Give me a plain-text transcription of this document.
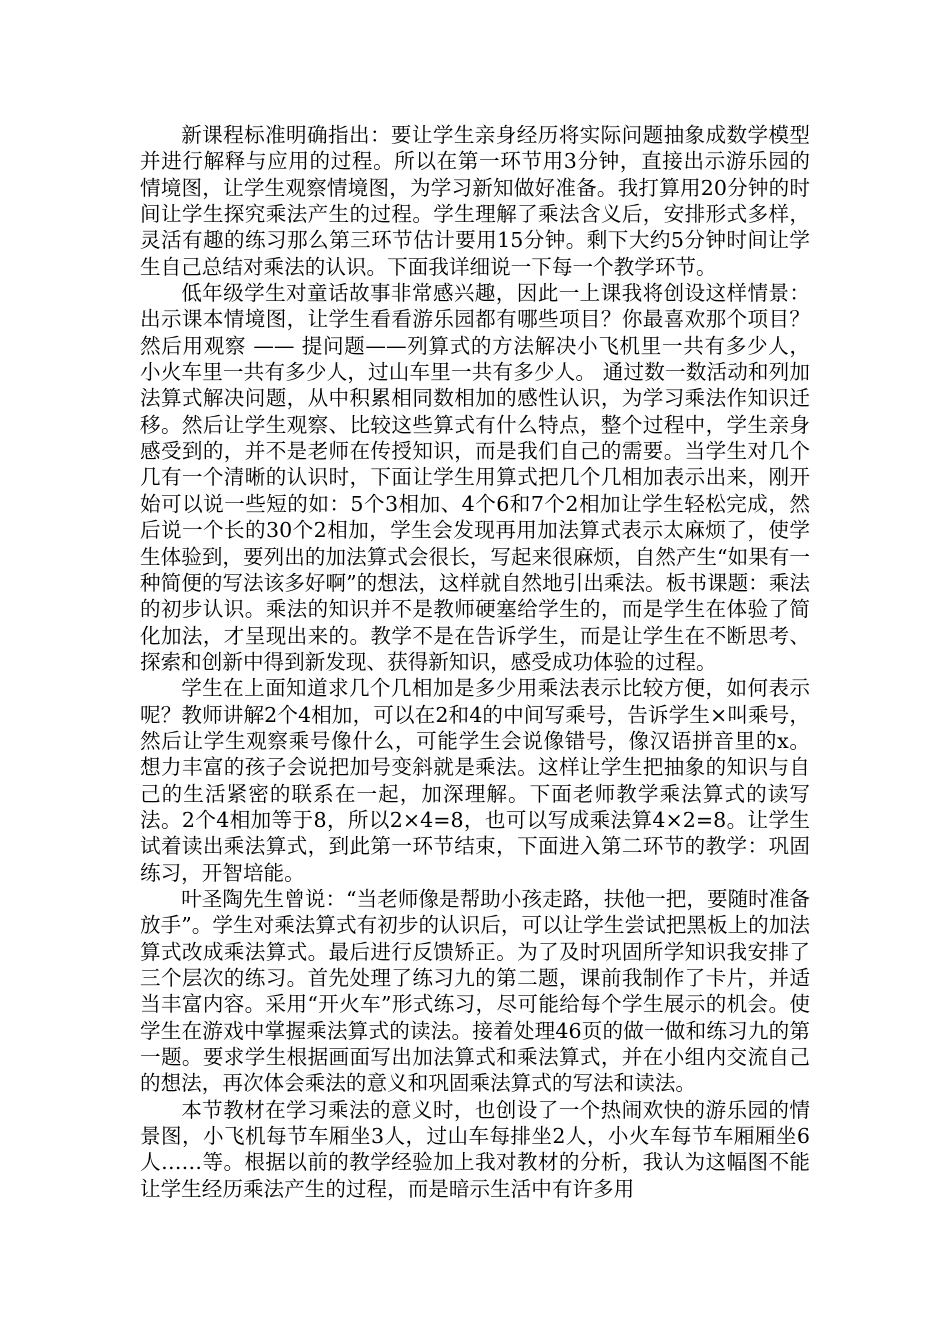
新课程标准明确指出：要让学生亲身经历将实际问题抽象成数学模型并进行解释与应用的过程。所以在第一环节用3分钟，直接出示游乐园的情境图，让学生观察情境图，为学习新知做好准备。我打算用20分钟的时间让学生探究乘法产生的过程。学生理解了乘法含义后，安排形式多样，灵活有趣的练习那么第三环节估计要用15分钟。剩下大约5分钟时间让学生自己总结对乘法的认识。下面我详细说一下每一个教学环节。

低年级学生对童话故事非常感兴趣，因此一上课我将创设这样情景：出示课本情境图，让学生看看游乐园都有哪些项目？你最喜欢那个项目？然后用观察 —— 提问题——列算式的方法解决小飞机里一共有多少人，小火车里一共有多少人，过山车里一共有多少人。 通过数一数活动和列加法算式解决问题，从中积累相同数相加的感性认识，为学习乘法作知识迁移。然后让学生观察、比较这些算式有什么特点，整个过程中，学生亲身感受到的，并不是老师在传授知识，而是我们自己的需要。当学生对几个几有一个清晰的认识时，下面让学生用算式把几个几相加表示出来，刚开始可以说一些短的如：5个3相加、4个6和7个2相加让学生轻松完成，然后说一个长的30个2相加，学生会发现再用加法算式表示太麻烦了，使学生体验到，要列出的加法算式会很长，写起来很麻烦，自然产生“如果有一种简便的写法该多好啊”的想法，这样就自然地引出乘法。板书课题：乘法的初步认识。乘法的知识并不是教师硬塞给学生的，而是学生在体验了简化加法，才呈现出来的。教学不是在告诉学生，而是让学生在不断思考、探索和创新中得到新发现、获得新知识，感受成功体验的过程。

学生在上面知道求几个几相加是多少用乘法表示比较方便，如何表示呢？教师讲解2个4相加，可以在2和4的中间写乘号，告诉学生×叫乘号，然后让学生观察乘号像什么，可能学生会说像错号，像汉语拼音里的x。想力丰富的孩子会说把加号变斜就是乘法。这样让学生把抽象的知识与自己的生活紧密的联系在一起，加深理解。下面老师教学乘法算式的读写法。2个4相加等于8，所以2×4=8，也可以写成乘法算4×2=8。让学生试着读出乘法算式，到此第一环节结束，下面进入第二环节的教学：巩固练习，开智培能。

叶圣陶先生曾说：“当老师像是帮助小孩走路，扶他一把，要随时准备放手”。学生对乘法算式有初步的认识后，可以让学生尝试把黑板上的加法算式改成乘法算式。最后进行反馈矫正。为了及时巩固所学知识我安排了三个层次的练习。首先处理了练习九的第二题，课前我制作了卡片，并适当丰富内容。采用“开火车”形式练习，尽可能给每个学生展示的机会。使学生在游戏中掌握乘法算式的读法。接着处理46页的做一做和练习九的第一题。要求学生根据画面写出加法算式和乘法算式，并在小组内交流自己的想法，再次体会乘法的意义和巩固乘法算式的写法和读法。

本节教材在学习乘法的意义时，也创设了一个热闹欢快的游乐园的情景图，小飞机每节车厢坐3人，过山车每排坐2人，小火车每节车厢厢坐6人……等。根据以前的教学经验加上我对教材的分析，我认为这幅图不能让学生经历乘法产生的过程，而是暗示生活中有许多用
